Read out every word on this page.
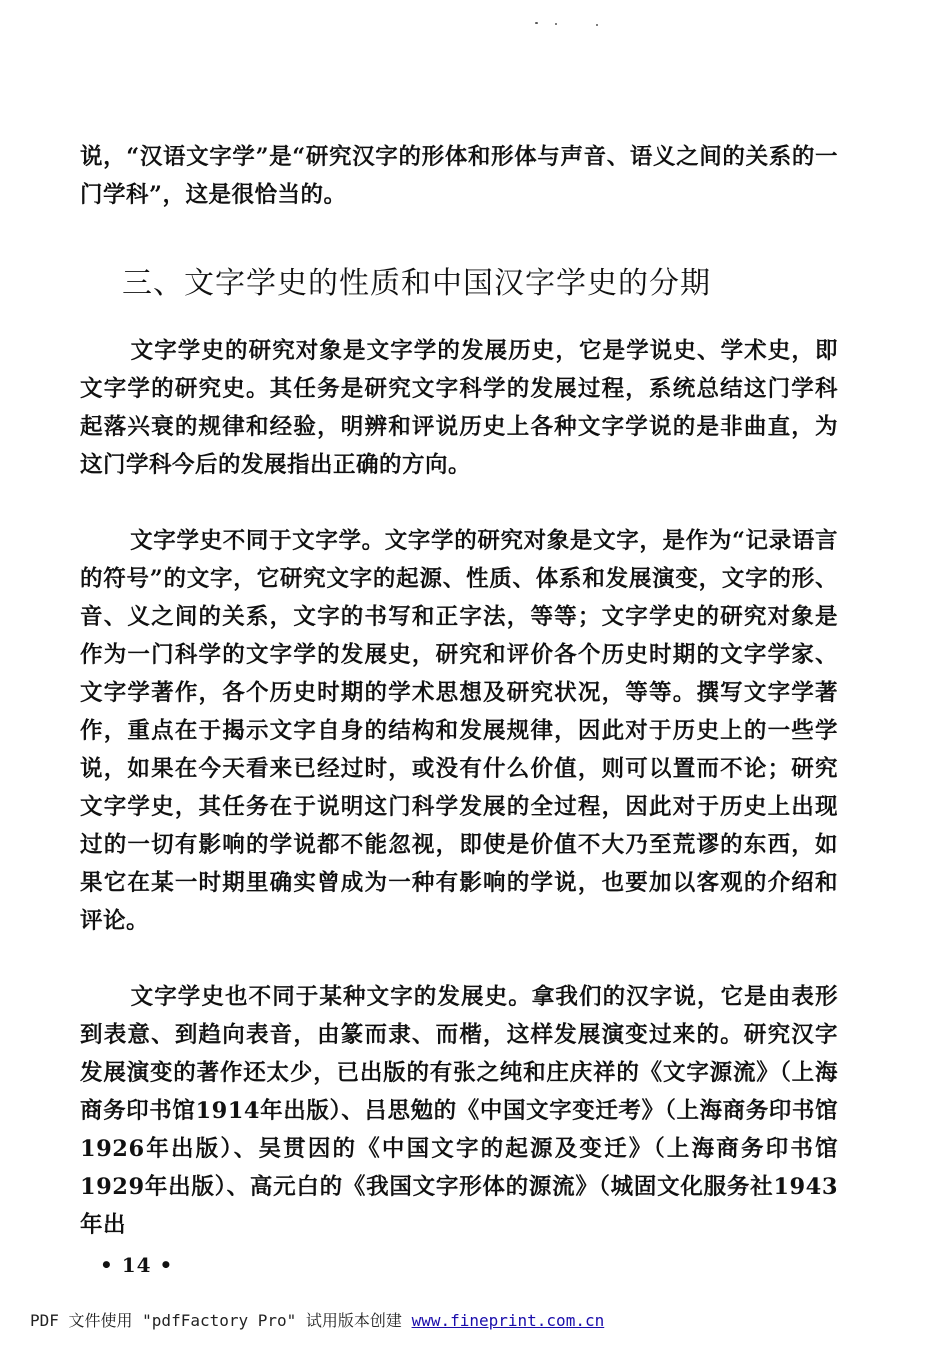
说，“汉语文字学”是“研究汉字的形体和形体与声音、语义之间的关系的一门学科”，这是很恰当的。
三、文字学史的性质和中国汉字学史的分期
文字学史的研究对象是文字学的发展历史，它是学说史、学术史，即文字学的研究史。其任务是研究文字科学的发展过程，系统总结这门学科起落兴衰的规律和经验，明辨和评说历史上各种文字学说的是非曲直，为这门学科今后的发展指出正确的方向。
文字学史不同于文字学。文字学的研究对象是文字，是作为“记录语言的符号”的文字，它研究文字的起源、性质、体系和发展演变，文字的形、音、义之间的关系，文字的书写和正字法，等等；文字学史的研究对象是作为一门科学的文字学的发展史，研究和评价各个历史时期的文字学家、文字学著作，各个历史时期的学术思想及研究状况，等等。撰写文字学著作，重点在于揭示文字自身的结构和发展规律，因此对于历史上的一些学说，如果在今天看来已经过时，或没有什么价值，则可以置而不论；研究文字学史，其任务在于说明这门科学发展的全过程，因此对于历史上出现过的一切有影响的学说都不能忽视，即使是价值不大乃至荒谬的东西，如果它在某一时期里确实曾成为一种有影响的学说，也要加以客观的介绍和评论。
文字学史也不同于某种文字的发展史。拿我们的汉字说，它是由表形到表意、到趋向表音，由篆而隶、而楷，这样发展演变过来的。研究汉字发展演变的著作还太少，已出版的有张之纯和庄庆祥的《文字源流》（上海商务印书馆1914年出版）、吕思勉的《中国文字变迁考》（上海商务印书馆1926年出版）、吴贯因的《中国文字的起源及变迁》（上海商务印书馆1929年出版）、高元白的《我国文字形体的源流》（城固文化服务社1943年出
• 14 •
PDF 文件使用 "pdfFactory Pro" 试用版本创建 www.fineprint.com.cn
